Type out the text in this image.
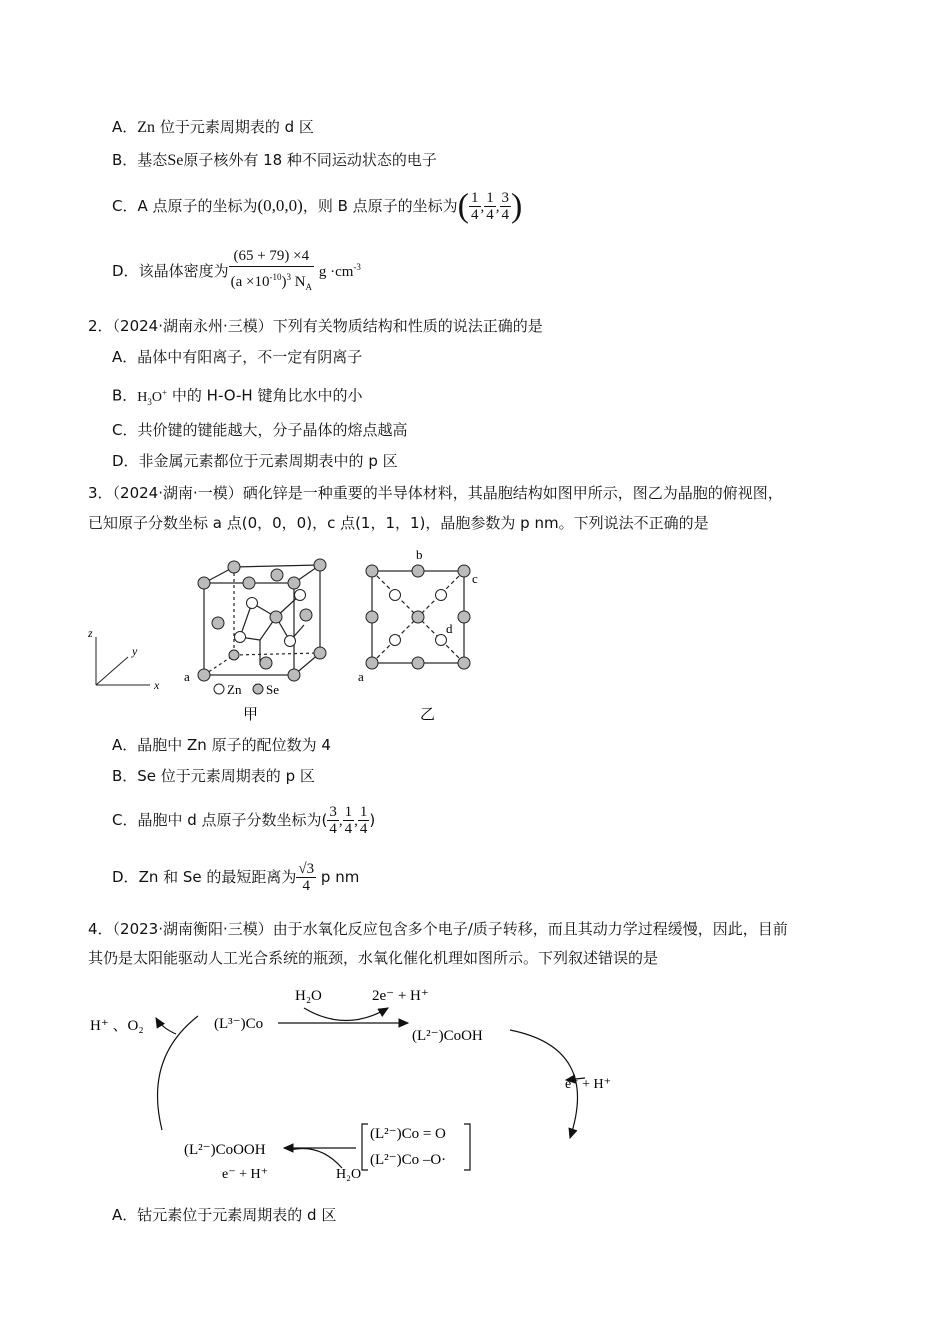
A．Zn 位于元素周期表的 d 区
B．基态Se原子核外有 18 种不同运动状态的电子
C．A 点原子的坐标为(0,0,0)，则 B 点原子的坐标为( $\frac{1}{4}$ , $\frac{1}{4}$ , $\frac{3}{4}$ )
D．该晶体密度为 $\frac{(65 + 79) \times 4}{(a \times 10^{-10})^3 N_A}$ $g \cdot cm^{-3}$
2．（2024·湖南永州·三模）下列有关物质结构和性质的说法正确的是
A．晶体中有阳离子，不一定有阴离子
B．$H_3O^+$ 中的 H-O-H 键角比水中的小
C．共价键的键能越大，分子晶体的熔点越高
D．非金属元素都位于元素周期表中的 p 区
3．（2024·湖南·一模）硒化锌是一种重要的半导体材料，其晶胞结构如图甲所示，图乙为晶胞的俯视图，
已知原子分数坐标 a 点(0，0，0)，c 点(1，1，1)，晶胞参数为 p nm。下列说法不正确的是
z
y
x
a
Zn Se
甲
b
c
d
a
乙
A．晶胞中 Zn 原子的配位数为 4
B．Se 位于元素周期表的 p 区
C．晶胞中 d 点原子分数坐标为( $\frac{3}{4}$ , $\frac{1}{4}$ , $\frac{1}{4}$ )
D．Zn 和 Se 的最短距离为 $\frac{√3}{4}$ p nm
4．（2023·湖南衡阳·三模）由于水氧化反应包含多个电子/质子转移，而且其动力学过程缓慢，因此，目前
其仍是太阳能驱动人工光合系统的瓶颈，水氧化催化机理如图所示。下列叙述错误的是
H⁺ 、O₂	(L³⁻)Co
H₂O	2e⁻ + H⁺
(L²⁻)CoOH
e⁻ + H⁺
(L²⁻)Co = O
(L²⁻)Co –O·
(L²⁻)CoOOH
e⁻ + H⁺	H₂O
A．钴元素位于元素周期表的 d 区
